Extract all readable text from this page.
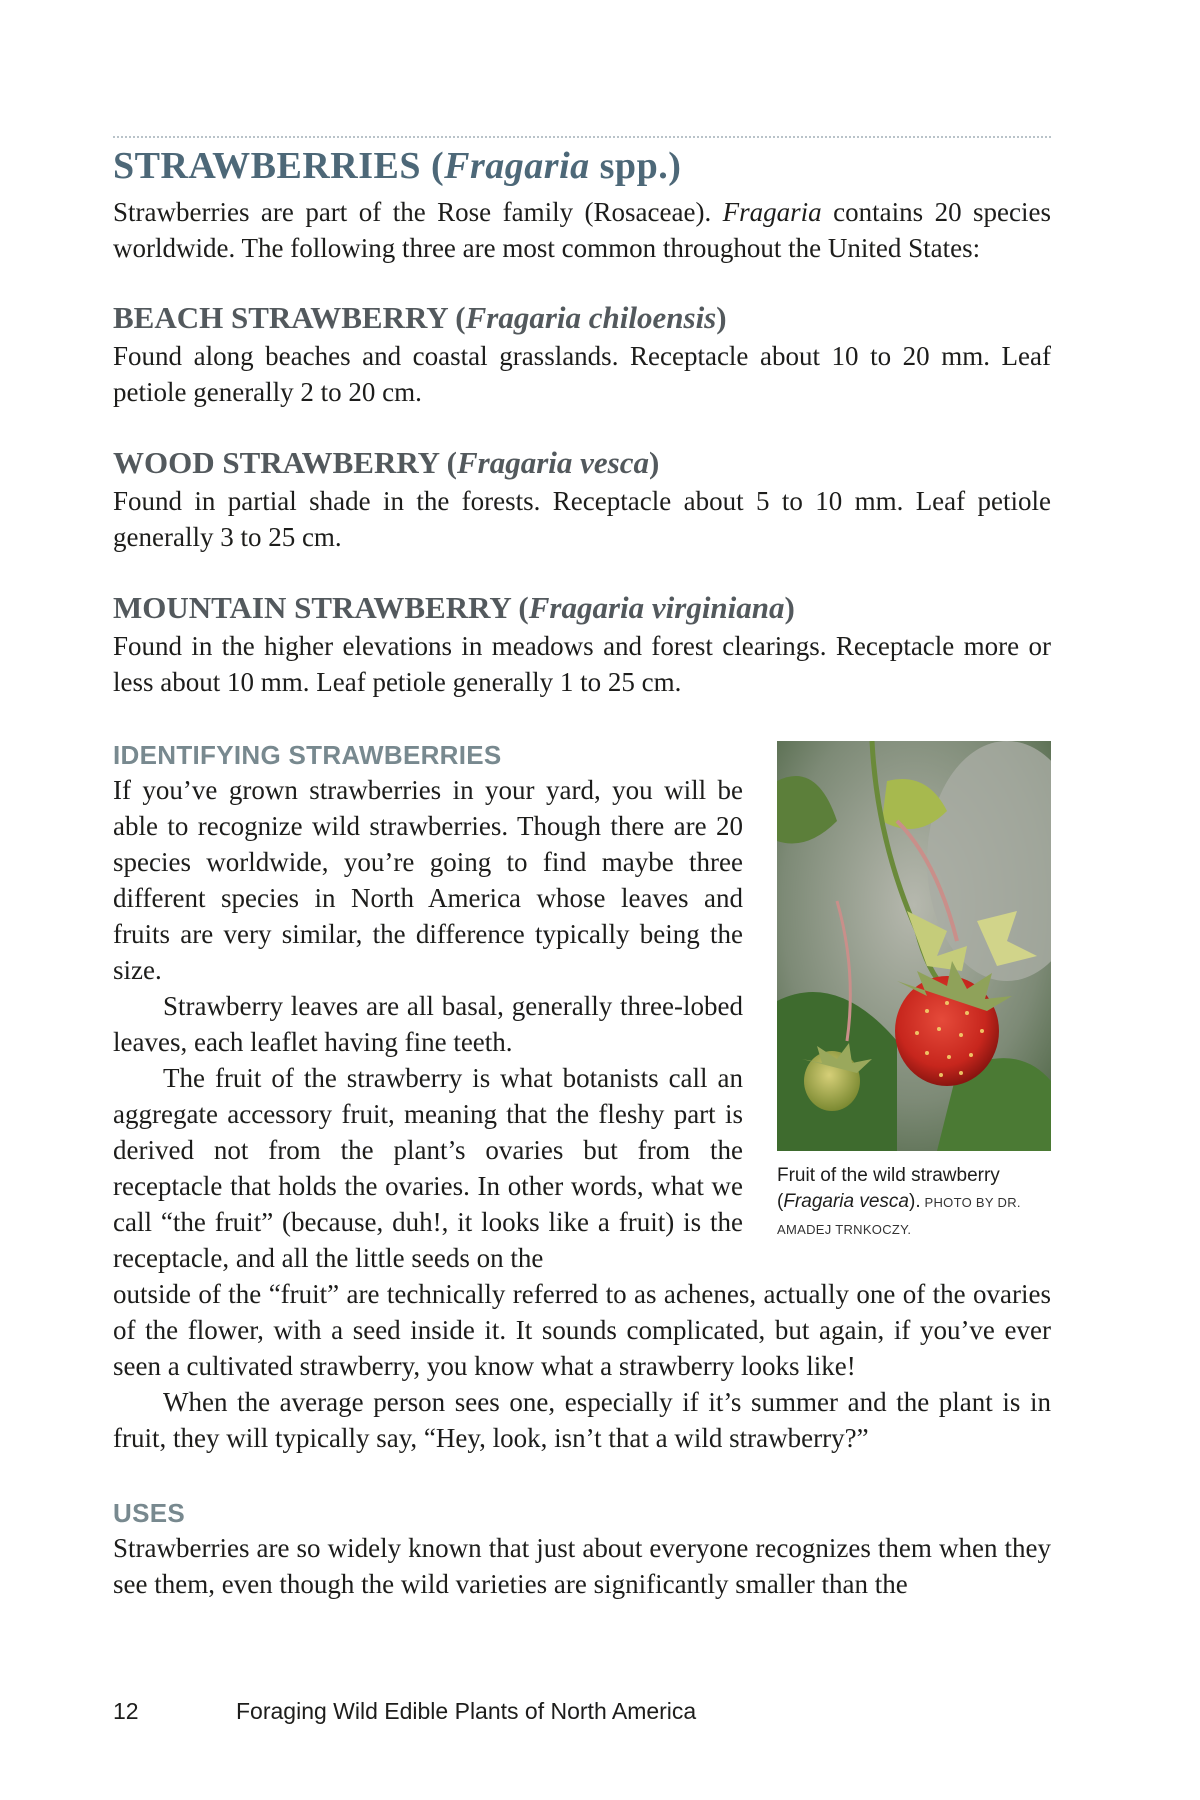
STRAWBERRIES (Fragaria spp.)

Strawberries are part of the Rose family (Rosaceae). Fragaria contains 20 species worldwide. The following three are most common throughout the United States:

BEACH STRAWBERRY (Fragaria chiloensis)

Found along beaches and coastal grasslands. Receptacle about 10 to 20 mm. Leaf petiole generally 2 to 20 cm.

WOOD STRAWBERRY (Fragaria vesca)

Found in partial shade in the forests. Receptacle about 5 to 10 mm. Leaf petiole generally 3 to 25 cm.

MOUNTAIN STRAWBERRY (Fragaria virginiana)

Found in the higher elevations in meadows and forest clearings. Receptacle more or less about 10 mm. Leaf petiole generally 1 to 25 cm.

IDENTIFYING STRAWBERRIES

If you’ve grown strawberries in your yard, you will be able to recognize wild strawberries. Though there are 20 species worldwide, you’re going to find maybe three different species in North America whose leaves and fruits are very similar, the difference typically being the size.

Strawberry leaves are all basal, generally three-lobed leaves, each leaflet having fine teeth.

The fruit of the strawberry is what botanists call an aggregate accessory fruit, meaning that the fleshy part is derived not from the plant’s ovaries but from the receptacle that holds the ovaries. In other words, what we call “the fruit” (because, duh!, it looks like a fruit) is the receptacle, and all the little seeds on the

outside of the “fruit” are technically referred to as achenes, actually one of the ovaries of the flower, with a seed inside it. It sounds complicated, but again, if you’ve ever seen a cultivated strawberry, you know what a strawberry looks like!

When the average person sees one, especially if it’s summer and the plant is in fruit, they will typically say, “Hey, look, isn’t that a wild strawberry?”

Fruit of the wild strawberry (Fragaria vesca). PHOTO BY DR. AMADEJ TRNKOCZY.
USES

Strawberries are so widely known that just about everyone recognizes them when they see them, even though the wild varieties are significantly smaller than the

12	Foraging Wild Edible Plants of North America
